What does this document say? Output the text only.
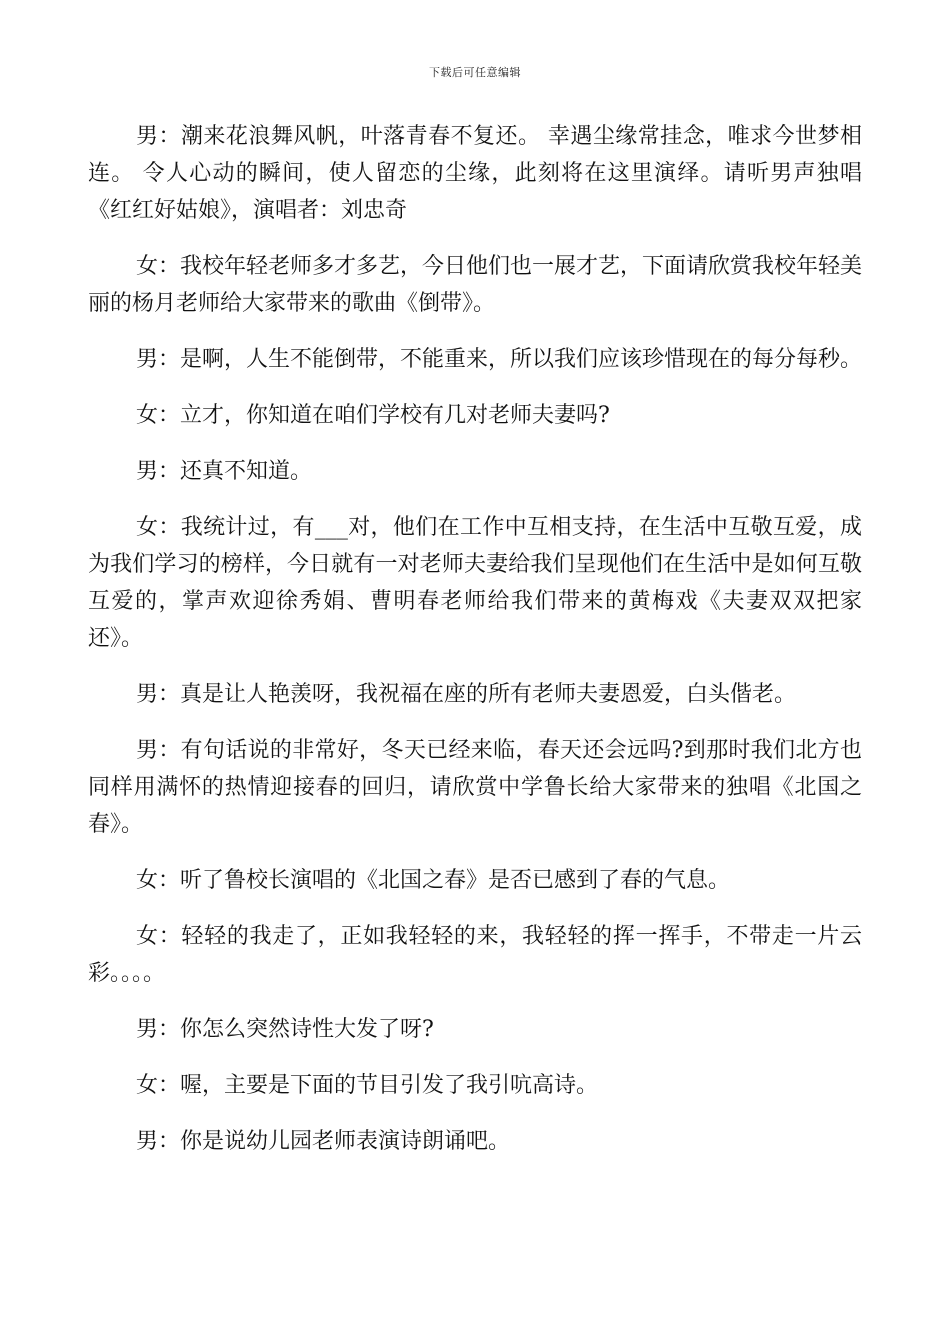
下载后可任意编辑

男：潮来花浪舞风帆，叶落青春不复还。 幸遇尘缘常挂念，唯求今世梦相连。 令人心动的瞬间，使人留恋的尘缘，此刻将在这里演绎。请听男声独唱《红红好姑娘》，演唱者：刘忠奇

女：我校年轻老师多才多艺，今日他们也一展才艺，下面请欣赏我校年轻美丽的杨月老师给大家带来的歌曲《倒带》。

男：是啊，人生不能倒带，不能重来，所以我们应该珍惜现在的每分每秒。

女：立才，你知道在咱们学校有几对老师夫妻吗?

男：还真不知道。

女：我统计过，有___对，他们在工作中互相支持，在生活中互敬互爱，成为我们学习的榜样，今日就有一对老师夫妻给我们呈现他们在生活中是如何互敬互爱的，掌声欢迎徐秀娟、曹明春老师给我们带来的黄梅戏《夫妻双双把家还》。

男：真是让人艳羡呀，我祝福在座的所有老师夫妻恩爱，白头偕老。

男：有句话说的非常好，冬天已经来临，春天还会远吗?到那时我们北方也同样用满怀的热情迎接春的回归，请欣赏中学鲁长给大家带来的独唱《北国之春》。

女：听了鲁校长演唱的《北国之春》是否已感到了春的气息。

女：轻轻的我走了，正如我轻轻的来，我轻轻的挥一挥手，不带走一片云彩。。。。

男：你怎么突然诗性大发了呀?

女：喔，主要是下面的节目引发了我引吭高诗。

男：你是说幼儿园老师表演诗朗诵吧。
